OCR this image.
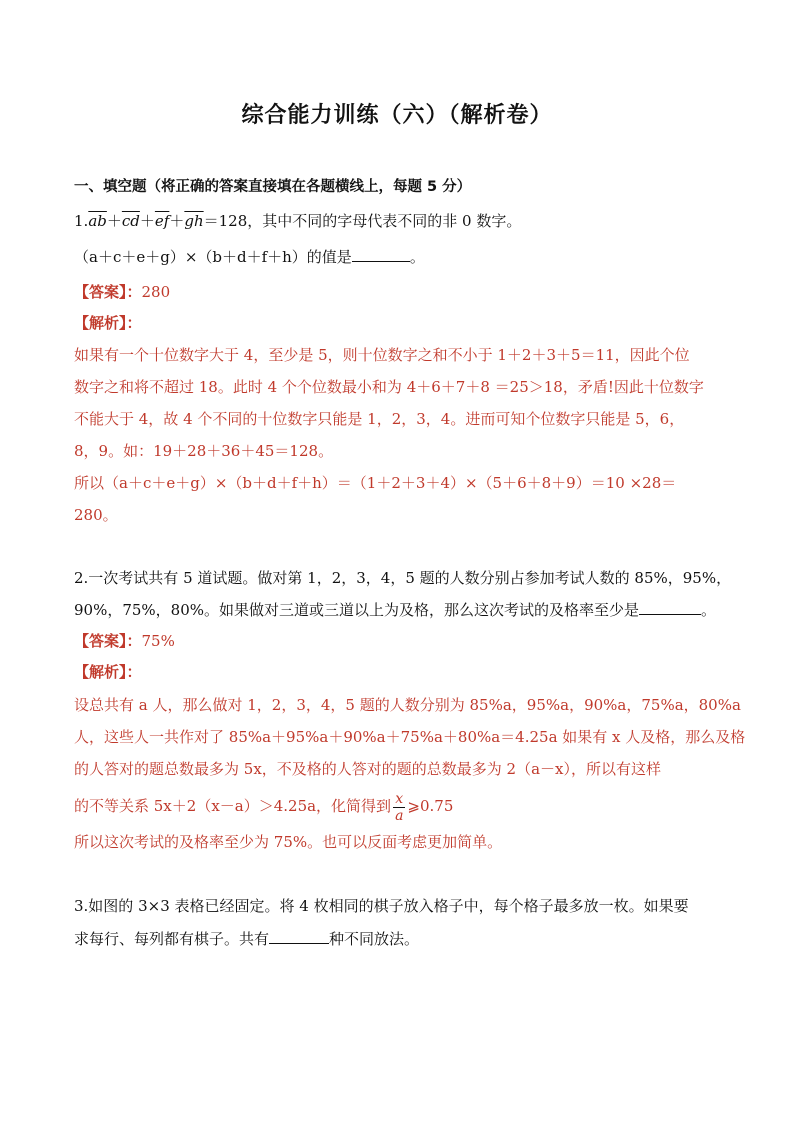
综合能力训练（六）（解析卷）
一、填空题（将正确的答案直接填在各题横线上，每题 5 分）
$1.\overline{ab}+\overline{cd}+\overline{ef}+\overline{gh}=128$，其中不同的字母代表不同的非 0 数字。
（a＋c＋e＋g）×（b＋d＋f＋h）的值是	。
【答案】：280
【解析】：
如果有一个十位数字大于 4，至少是 5，则十位数字之和不小于 1＋2＋3＋5＝11，因此个位
数字之和将不超过 18。此时 4 个个位数最小和为 4＋6＋7＋8 ＝25＞18，矛盾!因此十位数字
不能大于 4，故 4 个不同的十位数字只能是 1，2，3，4。进而可知个位数字只能是 5，6，
8，9。如：19＋28＋36＋45＝128。
所以（a＋c＋e＋g）×（b＋d＋f＋h）＝（1＋2＋3＋4）×（5＋6＋8＋9）＝10 ×28＝
280。
2.一次考试共有 5 道试题。做对第 1，2，3，4，5 题的人数分别占参加考试人数的 85%，95%，
90%，75%，80%。如果做对三道或三道以上为及格，那么这次考试的及格率至少是	。
【答案】：75%
【解析】：
设总共有 a 人，那么做对 1，2，3，4，5 题的人数分别为 85%a，95%a，90%a，75%a，80%a
人，这些人一共作对了 85%a＋95%a＋90%a＋75%a＋80%a＝4.25a 如果有 x 人及格，那么及格
的人答对的题总数最多为 5x，不及格的人答对的题的总数最多为 2（a－x），所以有这样
的不等关系 5x＋2（x－a）＞4.25a，化简得到 $\frac{x}{a}$ ⩾0.75
所以这次考试的及格率至少为 75%。也可以反面考虑更加简单。
3.如图的 3×3 表格已经固定。将 4 枚相同的棋子放入格子中，每个格子最多放一枚。如果要
求每行、每列都有棋子。共有	种不同放法。
